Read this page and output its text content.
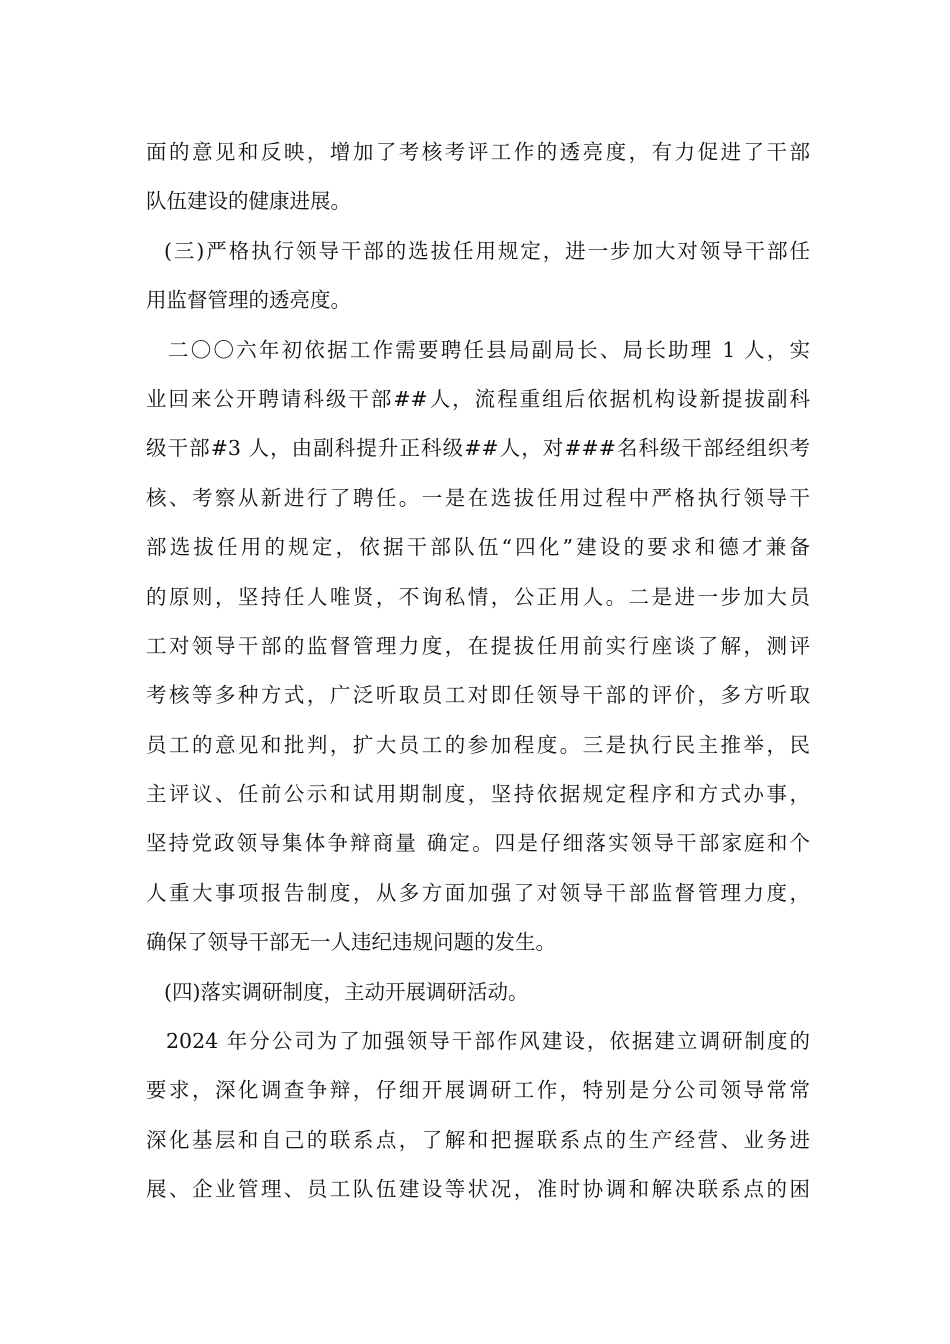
面的意见和反映，增加了考核考评工作的透亮度，有力促进了干部
队伍建设的健康进展。
(三)严格执行领导干部的选拔任用规定，进一步加大对领导干部任
用监督管理的透亮度。
二〇〇六年初依据工作需要聘任县局副局长、局长助理 1 人，实
业回来公开聘请科级干部##人，流程重组后依据机构设新提拔副科
级干部#3 人，由副科提升正科级##人，对###名科级干部经组织考
核、考察从新进行了聘任。一是在选拔任用过程中严格执行领导干
部选拔任用的规定，依据干部队伍“四化”建设的要求和德才兼备
的原则，坚持任人唯贤，不询私情，公正用人。二是进一步加大员
工对领导干部的监督管理力度，在提拔任用前实行座谈了解，测评
考核等多种方式，广泛听取员工对即任领导干部的评价，多方听取
员工的意见和批判，扩大员工的参加程度。三是执行民主推举，民
主评议、任前公示和试用期制度，坚持依据规定程序和方式办事，
坚持党政领导集体争辩商量 确定。四是仔细落实领导干部家庭和个
人重大事项报告制度，从多方面加强了对领导干部监督管理力度，
确保了领导干部无一人违纪违规问题的发生。
(四)落实调研制度，主动开展调研活动。
2024 年分公司为了加强领导干部作风建设，依据建立调研制度的
要求，深化调查争辩，仔细开展调研工作，特别是分公司领导常常
深化基层和自己的联系点，了解和把握联系点的生产经营、业务进
展、企业管理、员工队伍建设等状况，准时协调和解决联系点的困
